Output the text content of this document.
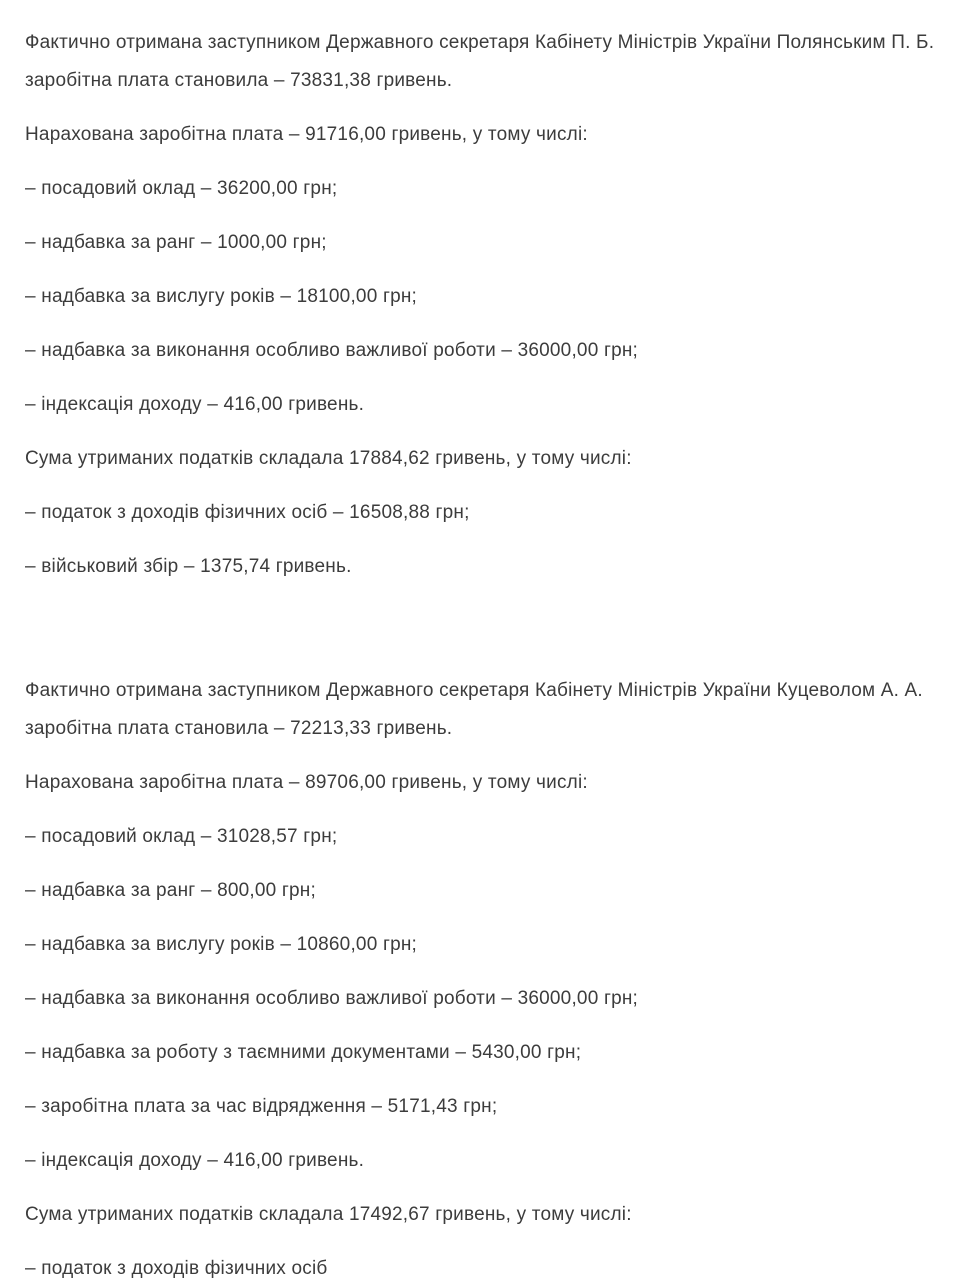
Фактично отримана заступником Державного секретаря Кабінету Міністрів України Полянським П. Б. заробітна плата становила – 73831,38 гривень.

Нарахована заробітна плата – 91716,00 гривень, у тому числі:

– посадовий оклад – 36200,00 грн;

– надбавка за ранг – 1000,00 грн;

– надбавка за вислугу років – 18100,00 грн;

– надбавка за виконання особливо важливої роботи – 36000,00 грн;

– індексація доходу – 416,00 гривень.

Сума утриманих податків складала 17884,62 гривень, у тому числі:

– податок з доходів фізичних осіб – 16508,88 грн;

– військовий збір – 1375,74 гривень.

Фактично отримана заступником Державного секретаря Кабінету Міністрів України Куцеволом А. А. заробітна плата становила – 72213,33 гривень.

Нарахована заробітна плата – 89706,00 гривень, у тому числі:

– посадовий оклад – 31028,57 грн;

– надбавка за ранг – 800,00 грн;

– надбавка за вислугу років – 10860,00 грн;

– надбавка за виконання особливо важливої роботи – 36000,00 грн;

– надбавка за роботу з таємними документами – 5430,00 грн;

– заробітна плата за час відрядження – 5171,43 грн;

– індексація доходу – 416,00 гривень.

Сума утриманих податків складала 17492,67 гривень, у тому числі:

– податок з доходів фізичних осіб
